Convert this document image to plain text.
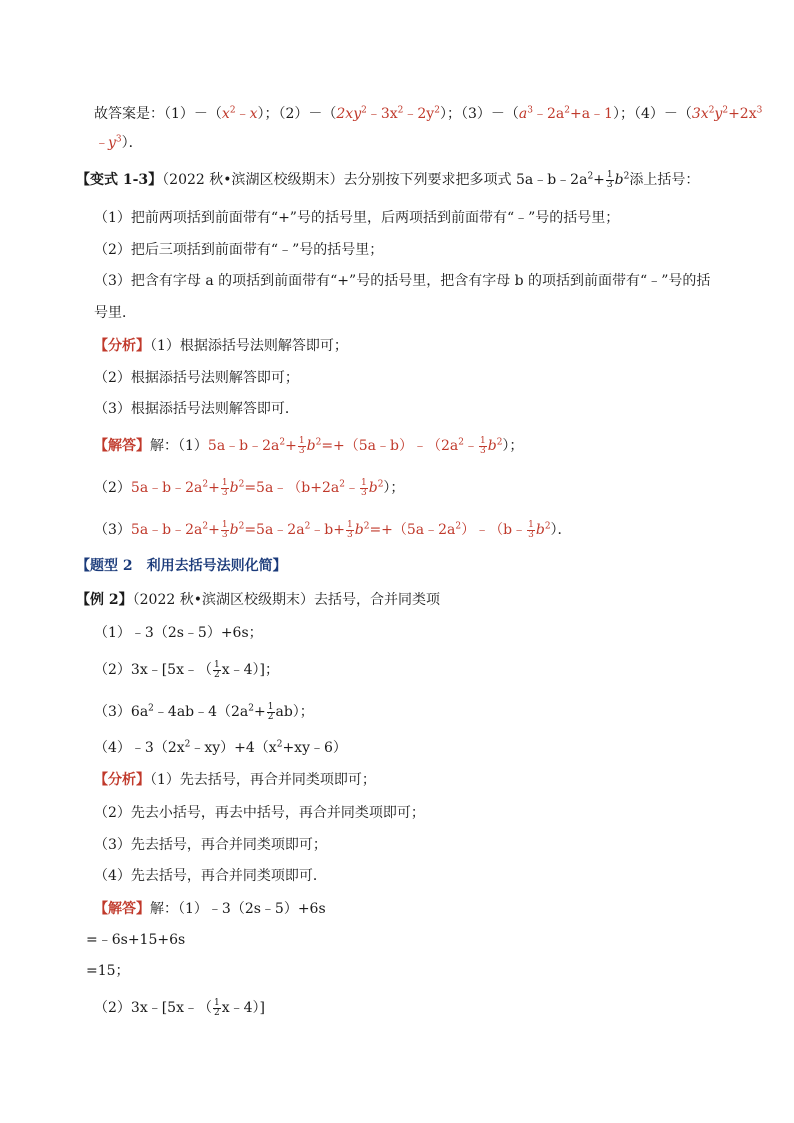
故答案是：$(1)-(x^2﹣x)$；$(2)-(2xy^2﹣3x^2﹣2y^2)$；$(3)-(a^3﹣2a^2+a﹣1)$；$(4)-(3x^2y^2+2x^3$
$﹣y^3$）．
【变式 1-3】（2022 秋•滨湖区校级期末）去分别按下列要求把多项式 $5a﹣b﹣2a^2+ \frac{1}{3} b^2$添上括号：
（1）把前两项括到前面带有“+”号的括号里，后两项括到前面带有“﹣”号的括号里；
（2）把后三项括到前面带有“﹣”号的括号里；
（3）把含有字母 a 的项括到前面带有“+”号的括号里，把含有字母 b 的项括到前面带有“﹣”号的括
号里．
【分析】（1）根据添括号法则解答即可；
（2）根据添括号法则解答即可；
（3）根据添括号法则解答即可．
【解答】解：$(1)5a﹣b﹣2a^2+ \frac{1}{3}$ $b^2=+(5a﹣b)﹣(2a^2﹣ \frac{1}{3} b^2)$；
$(2)5a﹣b﹣2a^2+ \frac{1}{3}$ $b^2=5a﹣(b+2a^2﹣ \frac{1}{3} b^2)$；
$(3)5a﹣b﹣2a^2+ \frac{1}{3}$ $b^2=5a﹣2a^2﹣b+ \frac{1}{3}$ $b^2=+(5a﹣2a^2)﹣(b﹣ \frac{1}{3} b^2)$．
【题型 2　利用去括号法则化简】
【例 2】（2022 秋•滨湖区校级期末）去括号，合并同类项
（1）﹣3（2s﹣5）+6s；
（2）3x﹣[5x﹣（ $\frac{1}{2}$ x﹣4）]；
$(3)6a^2﹣4ab﹣4(2a^2+ \frac{1}{2} ab)$；
$(4)﹣3(2x^2﹣xy)+4(x^2+xy﹣6)$
【分析】（1）先去括号，再合并同类项即可；
（2）先去小括号，再去中括号，再合并同类项即可；
（3）先去括号，再合并同类项即可；
（4）先去括号，再合并同类项即可．
【解答】解：（1）﹣3（2s﹣5）+6s
=﹣6s+15+6s
=15；
（2）3x﹣[5x﹣（ $\frac{1}{2}$ x﹣4）]
